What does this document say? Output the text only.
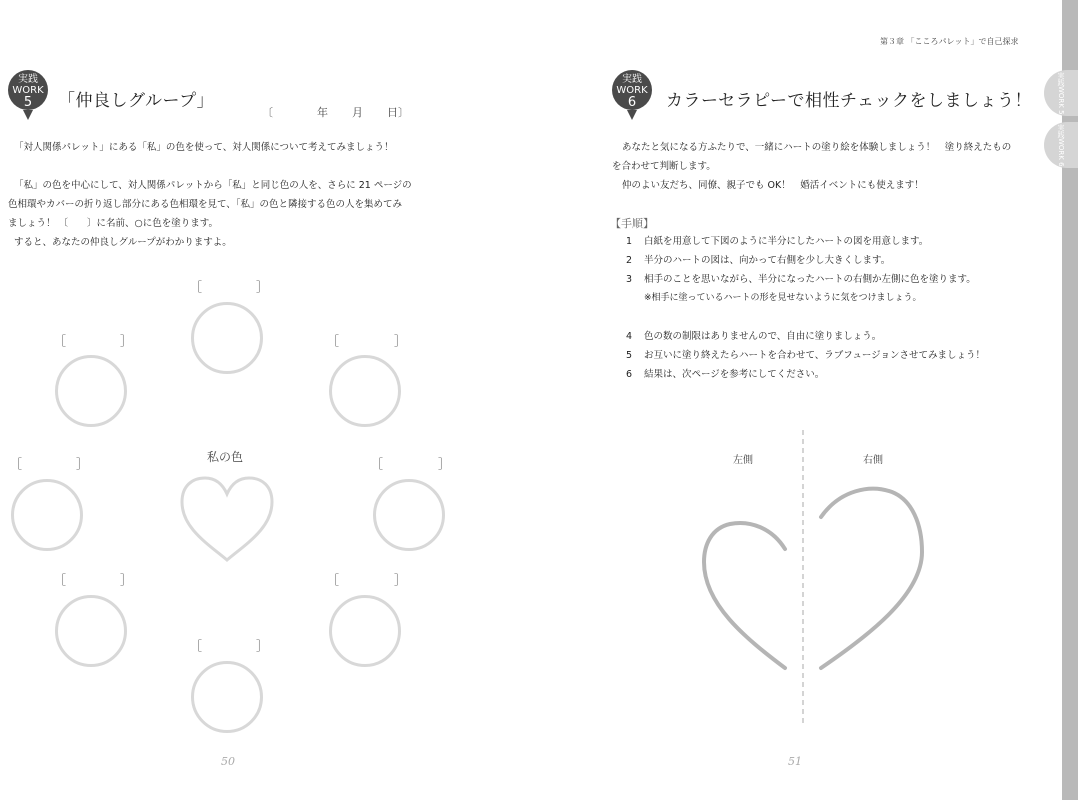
第３章 「こころパレット」で自己探求
実践WORK 5
実践WORK 6
実践
WORK
5	「仲良しグループ」
〔	年 月 日 〕

「対人関係パレット」にある「私」の色を使って、対人関係について考えてみましょう！

「私」の色を中心にして、対人関係パレットから「私」と同じ色の人を、さらに 21 ページの

色相環やカバーの折り返し部分にある色相環を見て、「私」の色と隣接する色の人を集めてみ

ましょう！ 〔　　〕に名前、○に色を塗ります。

すると、あなたの仲良しグループがわかりますよ。

［	］
［	］	［	］
［	］	私の色	［	］
［	］	［	］
［	］
50
実践
WORK
6	カラーセラピーで相性チェックをしましょう！

あなたと気になる方ふたりで、一緒にハートの塗り絵を体験しましょう！　塗り終えたもの

を合わせて判断します。

仲のよい友だち、同僚、親子でも OK！　婚活イベントにも使えます！

【手順】
1	白紙を用意して下図のように半分にしたハートの図を用意します。
2	半分のハートの図は、向かって右側を少し大きくします。
3	相手のことを思いながら、半分になったハートの右側か左側に色を塗ります。
※相手に塗っているハートの形を見せないように気をつけましょう。
4	色の数の制限はありませんので、自由に塗りましょう。
5	お互いに塗り終えたらハートを合わせて、ラブフュージョンさせてみましょう！
6	結果は、次ページを参考にしてください。
左側	右側
51
